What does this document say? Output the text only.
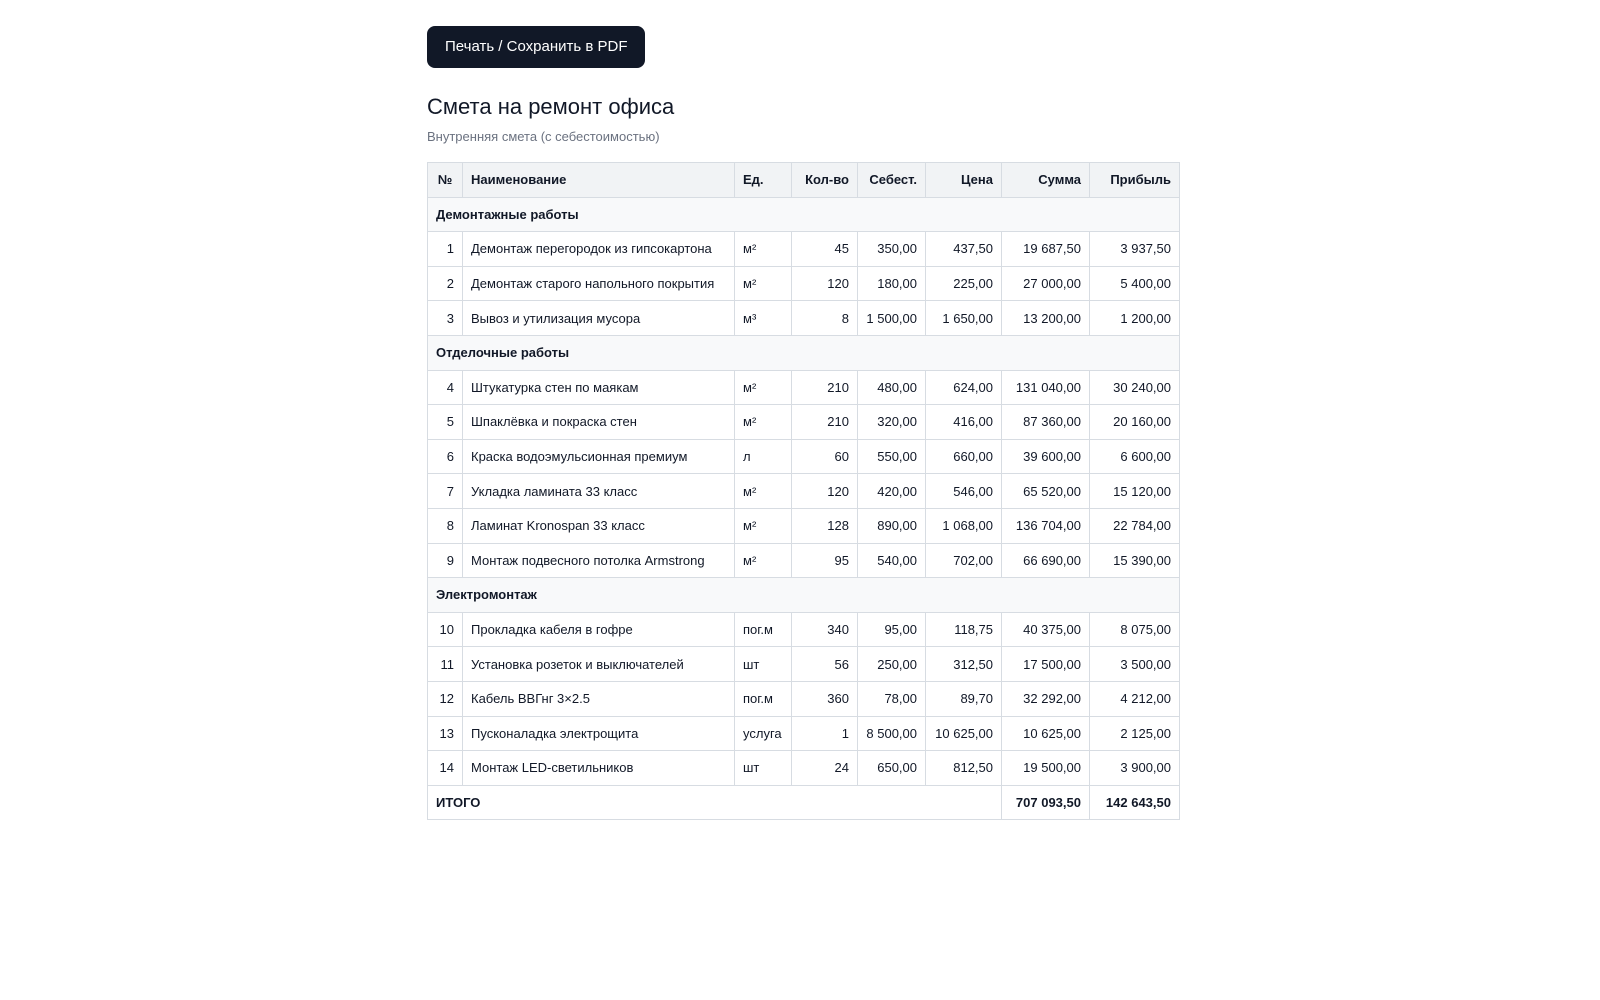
Печать / Сохранить в PDF
Смета на ремонт офиса
Внутренняя смета (с себестоимостью)
№	Наименование	Ед.	Кол-во	Себест.	Цена	Сумма	Прибыль
Демонтажные работы							
1	Демонтаж перегородок из гипсокартона	м²	45	350,00	437,50	19 687,50	3 937,50
2	Демонтаж старого напольного покрытия	м²	120	180,00	225,00	27 000,00	5 400,00
3	Вывоз и утилизация мусора	м³	8	1 500,00	1 650,00	13 200,00	1 200,00
Отделочные работы							
4	Штукатурка стен по маякам	м²	210	480,00	624,00	131 040,00	30 240,00
5	Шпаклёвка и покраска стен	м²	210	320,00	416,00	87 360,00	20 160,00
6	Краска водоэмульсионная премиум	л	60	550,00	660,00	39 600,00	6 600,00
7	Укладка ламината 33 класс	м²	120	420,00	546,00	65 520,00	15 120,00
8	Ламинат Kronospan 33 класс	м²	128	890,00	1 068,00	136 704,00	22 784,00
9	Монтаж подвесного потолка Armstrong	м²	95	540,00	702,00	66 690,00	15 390,00
Электромонтаж							
10	Прокладка кабеля в гофре	пог.м	340	95,00	118,75	40 375,00	8 075,00
11	Установка розеток и выключателей	шт	56	250,00	312,50	17 500,00	3 500,00
12	Кабель ВВГнг 3×2.5	пог.м	360	78,00	89,70	32 292,00	4 212,00
13	Пусконаладка электрощита	услуга	1	8 500,00	10 625,00	10 625,00	2 125,00
14	Монтаж LED-светильников	шт	24	650,00	812,50	19 500,00	3 900,00
ИТОГО						707 093,50	142 643,50
